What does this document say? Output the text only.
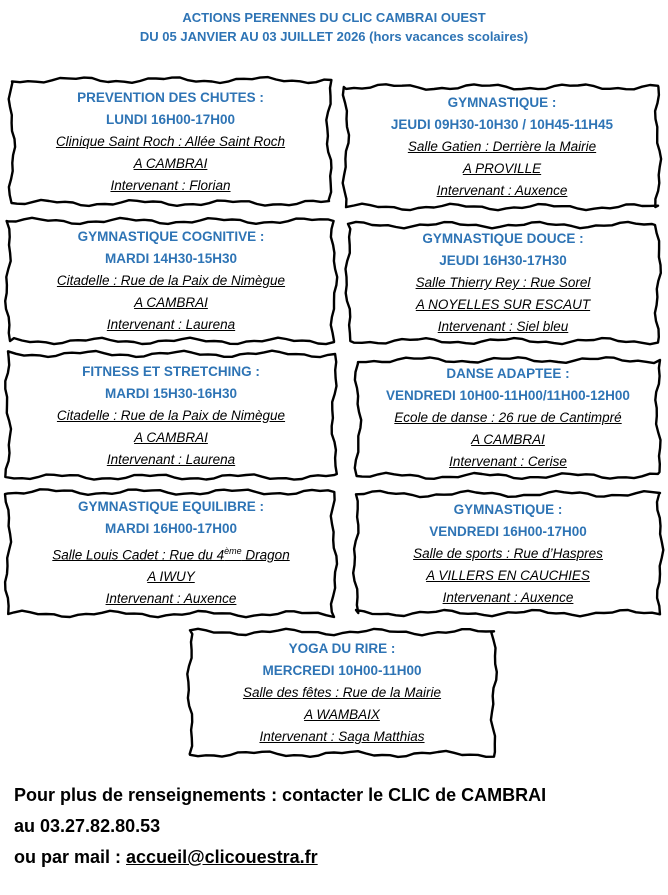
ACTIONS PERENNES DU CLIC CAMBRAI OUEST
DU 05 JANVIER AU 03 JUILLET 2026 (hors vacances scolaires)
PREVENTION DES CHUTES :
LUNDI 16H00-17H00
Clinique Saint Roch : Allée Saint Roch
A CAMBRAI
Intervenant : Florian
GYMNASTIQUE :
JEUDI 09H30-10H30 / 10H45-11H45
Salle Gatien : Derrière la Mairie
A PROVILLE
Intervenant : Auxence
GYMNASTIQUE COGNITIVE :
MARDI 14H30-15H30
Citadelle : Rue de la Paix de Nimègue
A CAMBRAI
Intervenant : Laurena
GYMNASTIQUE DOUCE :
JEUDI 16H30-17H30
Salle Thierry Rey : Rue Sorel
A NOYELLES SUR ESCAUT
Intervenant : Siel bleu
FITNESS ET STRETCHING :
MARDI 15H30-16H30
Citadelle : Rue de la Paix de Nimègue
A CAMBRAI
Intervenant : Laurena
DANSE ADAPTEE :
VENDREDI 10H00-11H00/11H00-12H00
Ecole de danse : 26 rue de Cantimpré
A CAMBRAI
Intervenant : Cerise
GYMNASTIQUE EQUILIBRE :
MARDI 16H00-17H00
Salle Louis Cadet : Rue du 4ème Dragon
A IWUY
Intervenant : Auxence
GYMNASTIQUE :
VENDREDI 16H00-17H00
Salle de sports : Rue d’Haspres
A VILLERS EN CAUCHIES
Intervenant : Auxence
YOGA DU RIRE :
MERCREDI 10H00-11H00
Salle des fêtes : Rue de la Mairie
A WAMBAIX
Intervenant : Saga Matthias
Pour plus de renseignements : contacter le CLIC de CAMBRAI
au 03.27.82.80.53
ou par mail : accueil@clicouestra.fr
